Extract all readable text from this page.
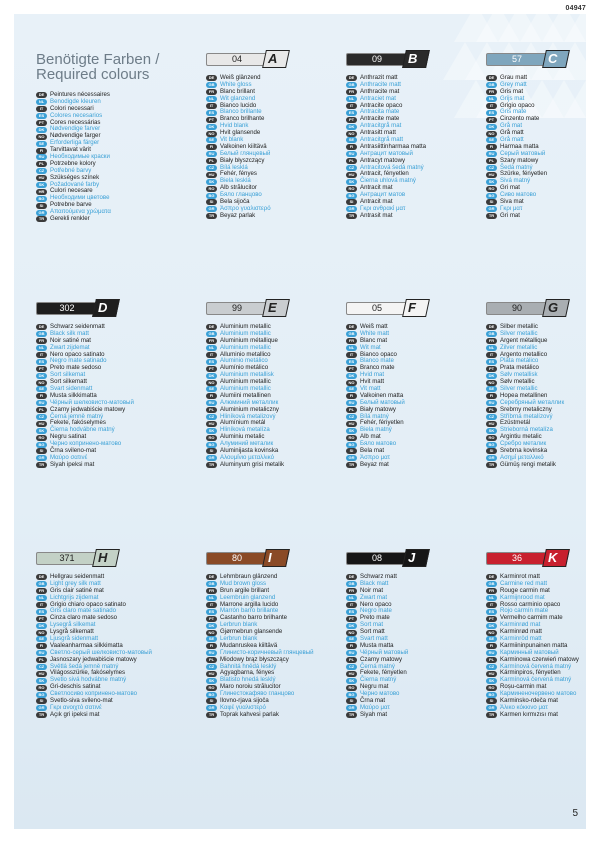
04947
Benötigte Farben /
Required colours
DE Peintures nécessaires
NL Benodigde kleuren
IT	Colori necessari
ES Colores necesarios
PT Cores necessárias
DK Nødvendige farver
NO Nødvendige farger
SE Erforderliga färger
FI	Tarvittavat värit
RU Необходимые краски
PL Potrzebne kolory
CZ Potřebné barvy
HU Szükséges színek
SK Požadované farby
HR Culori necesare
BG Необходими цветове
SI	Potrebne barve
GR Απαιτούμενα χρώματα
TR Gerekli renkler
04	A
DE Weiß glänzend
GB White gloss
FR Blanc brillant
NL Wit glanzend
IT	Bianco lucido
ES Blanco brillante
PT Branco brilhante
DK Hvid blank
NO Hvit glansende
SE Vit blank
FI	Valkoinen kiiltävä
RU Белый глянцевый
PL Biały błyszczący
CZ Bílá lesklá
HU Fehér, fényes
SK Biela lesklá
RO Alb strălucitor
BG Бяло гланцово
SI	Bela sijoča
GR Άσπρο γυαλιστερό
TR Beyaz parlak
09	B
DE Anthrazit matt
GB Anthracite matt
FR Anthracite mat
NL Antraciet mat
IT	Antracite opaco
ES Antracita mate
PT Antracite mate
DK Antracitgrå mat
NO Antrasitt matt
SE Antracitgrå matt
FI	Antrasiittinharmaa matta
RU Антрацит матовый
PL Antracyt matowy
CZ Antracitová šedá matný
HU Antracit, fényetlen
SK Čierna uhlová matný
RO Antracit mat
BG Антрацит матов
SI	Antracit mat
GR Γκρι ανθρακί ματ
TR Antrasit mat
57	C
DE Grau matt
GB Grey matt
FR Gris mat
NL Grijs mat
IT	Grigio opaco
ES Gris mate
PT Cinzento mate
DK Grå mat
NO Grå matt
SE Grå matt
FI	Harmaa matta
RU Серый матовый
PL Szary matowy
CZ Šedá matný
HU Szürke, fényetlen
SK Sivá matný
RO Gri mat
BG Сиво матово
SI	Siva mat
GR Γκρι ματ
TR Gri mat
302	D
DE Schwarz seidenmatt
GB Black silk matt
FR Noir satiné mat
NL Zwart zijdemat
IT	Nero opaco satinato
ES Negro mate satinado
PT Preto mate sedoso
DK Sort silkemat
NO Sort silkematt
SE Svart sidenmatt
FI	Musta silkkimatta
RU Чёрный шелковисто-матовый
PL Czarny jedwabiście matowy
CZ Černá jemně matný
HU Fekete, fakóselymes
SK Čierna hodvábne matný
RO Negru satinat
BG Черно копринено-матово
SI	Črna svileno-mat
GR Μαύρο σατινέ
TR Siyah ipeksi mat
99	E
DE Aluminium metallic
GB Aluminium metallic
FR Aluminium métallique
NL Aluminium metallic
IT	Alluminio metallico
ES Aluminio metálico
PT Alumínio metálico
DK Aluminium metallisk
NO Aluminium metallic
SE Aluminium metallic
FI	Alumiini metallinen
RU Алюминий металлик
PL Aluminium metaliczny
CZ Hliníková metalizový
HU Alumínium metál
SK Hliníková metalíza
RO Aluminiu metalic
BG Алуминий металик
SI	Aluminijasta kovinska
GR Αλουμίνιο μεταλλικό
TR Aluminyum grisi metalik
05	F
DE Weiß matt
GB White matt
FR Blanc mat
NL Wit mat
IT	Bianco opaco
ES Blanco mate
PT Branco mate
DK Hvid mat
NO Hvit matt
SE Vit matt
FI	Valkoinen matta
RU Белый матовый
PL Biały matowy
CZ Bílá matný
HU Fehér, fényetlen
SK Biela matný
RO Alb mat
BG Бяло матово
SI	Bela mat
GR Άσπρο ματ
TR Beyaz mat
90	G
DE Silber metallic
GB Silver metallic
FR Argent métallique
NL Zilver metallic
IT	Argento metallico
ES Plata metálico
PT Prata metálico
DK Sølv metallisk
NO Sølv metallic
SE Silver metallic
FI	Hopea metallinen
RU Серебряный металлик
PL Srebrny metaliczny
CZ Stříbrná metalízový
HU Ezüstmetál
SK Strieborná metalíza
RO Argintiu metalic
BG Сребро металик
SI	Srebrna kovinska
GR Ασημί μεταλλικό
TR Gümüş rengi metalik
371	H
DE Hellgrau seidenmatt
GB Light grey silk matt
FR Gris clair satiné mat
NL Lichtgrijs zijdemat
IT	Grigio chiaro opaco satinato
ES Gris claro mate satinado
PT Cinza claro mate sedoso
DK Lysegrå silkemat
NO Lysgrå silkematt
SE Ljusgrå sidenmatt
FI	Vaaleanharmaa silkkimatta
RU Светло-серый шелковисто-матовый
PL Jasnoszary jedwabiście matowy
CZ Světlá šedá jemně matný
HU Világosszürke, fakóselymes
SK Svetlo sivá hodvábne matný
RO Gri-deschis satinat
BG Светлосиво копринено-матово
SI	Svetlo-siva svileno-mat
GR Γκρι ανοιχτό σατινέ
TR Açık gri ipeksi mat
80	I
DE Lehmbraun glänzend
GB Mud brown gloss
FR Brun argile brillant
NL Leembruin glanzend
IT	Marrone argilla lucido
ES Marrón barro brillante
PT Castanho barro brilhante
DK Lerbrun blank
NO Gjørmebrun glansende
SE Lerbrun blank
FI	Mudanruskea kiiltävä
RU Глинисто-коричневый глянцевый
PL Miodowy brąz błyszczący
CZ Bahnitá hnědá lesklý
HU Agyagbarna, fényes
SK Blatisto hnedá lesklý
RO Maro noroiu strălucitor
BG Глинестокафяво гланцово
SI	Ilovno-rjava sijoča
GR Καφέ γυαλιστερό
TR Toprak kahvesi parlak
08	J
DE Schwarz matt
GB Black matt
FR Noir mat
NL Zwart mat
IT	Nero opaco
ES Negro mate
PT Preto mate
DK Sort mat
NO Sort matt
SE Svart matt
FI	Musta matta
RU Чёрный матовый
PL Czarny matowy
CZ Černá matný
HU Fekete, fényetlen
SK Čierna matný
RO Negru mat
BG Черно матово
SI	Črna mat
GR Μαύρο ματ
TR Siyah mat
36	K
DE Karminrot matt
GB Carmine red matt
FR Rouge carmin mat
NL Karmijnrood mat
IT	Rosso carminio opaco
ES Rojo carmín mate
PT Vermelho carmim mate
DK Karminrød mat
NO Karminrød matt
SE Karminröd matt
FI	Karmiininpunainen matta
RU Карминный матовый
PL Karminowa czerwień matowy
CZ Karmínová červená matný
HU Kárminpiros, fényetlen
SK Karmínová červená matný
RO Roșu-carmin mat
BG Карминеночервено матово
SI	Karminsko-rdeča mat
GR Άλικο κόκκινο ματ
TR Karmen kırmızısı mat
5
